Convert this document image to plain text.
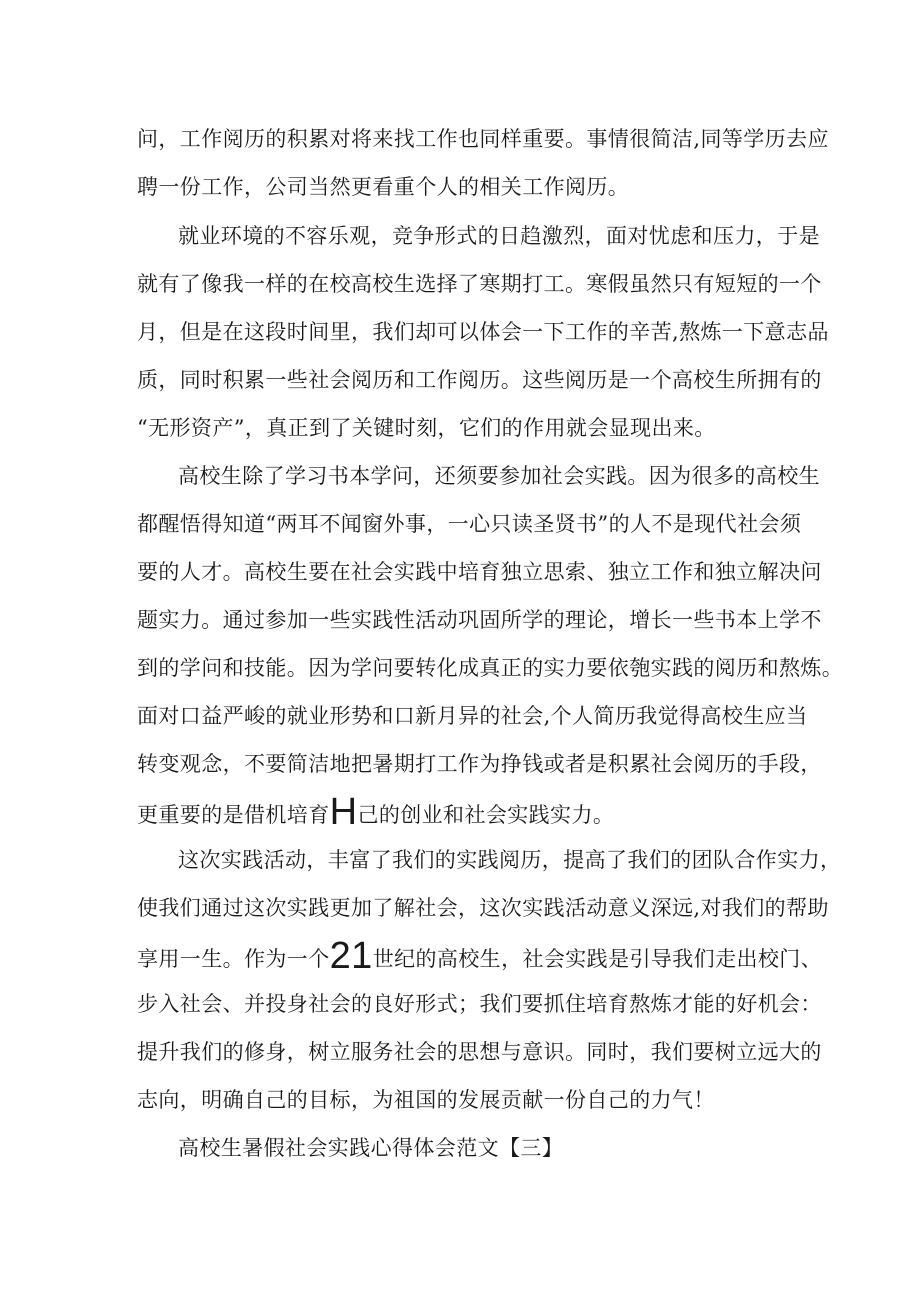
问，工作阅历的积累对将来找工作也同样重要。事情很简洁,同等学历去应
聘一份工作，公司当然更看重个人的相关工作阅历。
就业环境的不容乐观，竞争形式的日趋激烈，面对忧虑和压力，于是
就有了像我一样的在校高校生选择了寒期打工。寒假虽然只有短短的一个
月，但是在这段时间里，我们却可以体会一下工作的辛苦,熬炼一下意志品
质，同时积累一些社会阅历和工作阅历。这些阅历是一个高校生所拥有的
“无形资产”，真正到了关键时刻，它们的作用就会显现出来。
高校生除了学习书本学问，还须要参加社会实践。因为很多的高校生
都醒悟得知道“两耳不闻窗外事，一心只读圣贤书”的人不是现代社会须
要的人才。高校生要在社会实践中培育独立思索、独立工作和独立解决问
题实力。通过参加一些实践性活动巩固所学的理论，增长一些书本上学不
到的学问和技能。因为学问要转化成真正的实力要依匏实践的阅历和熬炼。
面对口益严峻的就业形势和口新月异的社会,个人简历我觉得高校生应当
转变观念，不要简洁地把暑期打工作为挣钱或者是积累社会阅历的手段，
更重要的是借机培育H己的创业和社会实践实力。
这次实践活动，丰富了我们的实践阅历，提高了我们的团队合作实力，
使我们通过这次实践更加了解社会，这次实践活动意义深远,对我们的帮助
享用一生。作为一个21世纪的高校生，社会实践是引导我们走出校门、
步入社会、并投身社会的良好形式；我们要抓住培育熬炼才能的好机会：
提升我们的修身，树立服务社会的思想与意识。同时，我们要树立远大的
志向，明确自己的目标，为祖国的发展贡献一份自己的力气！
高校生暑假社会实践心得体会范文【三】
